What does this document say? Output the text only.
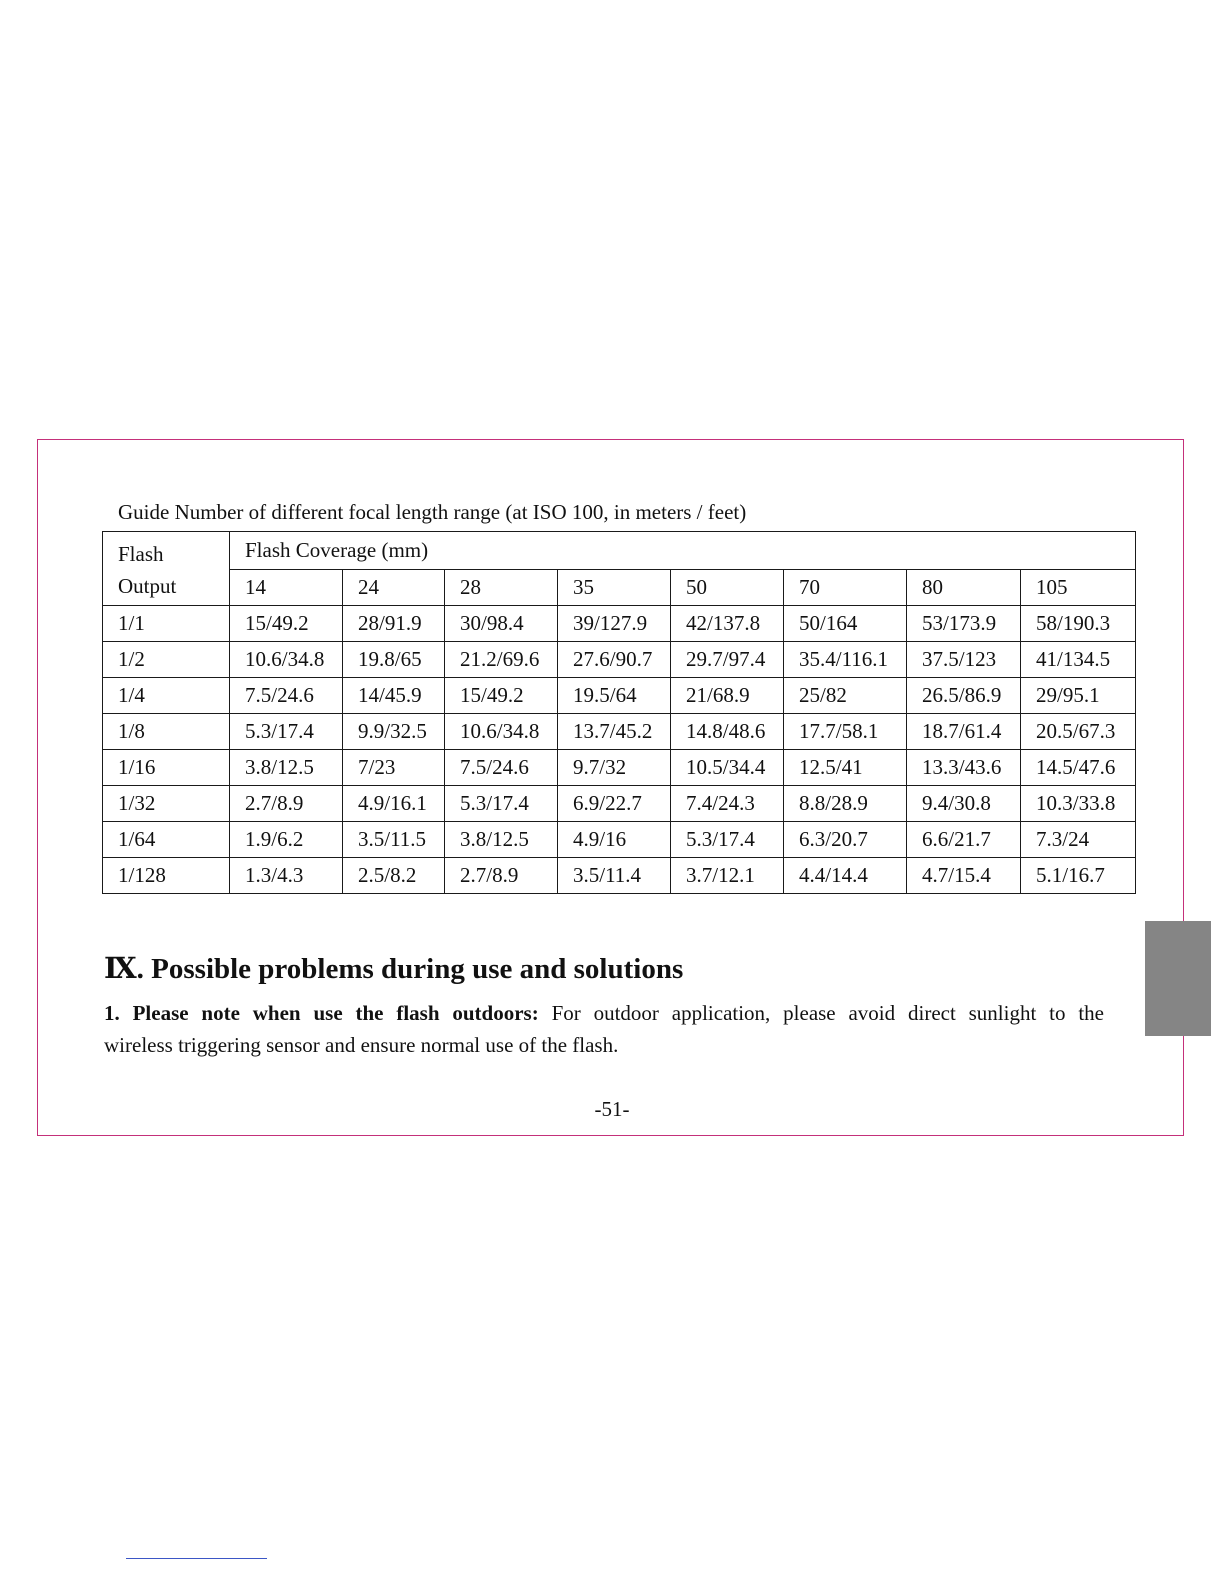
Guide Number of different focal length range (at ISO 100, in meters / feet)
Flash
Output	Flash Coverage (mm)							
	14	24	28	35	50	70	80	105
1/1	15/49.2	28/91.9	30/98.4	39/127.9	42/137.8	50/164	53/173.9	58/190.3
1/2	10.6/34.8	19.8/65	21.2/69.6	27.6/90.7	29.7/97.4	35.4/116.1	37.5/123	41/134.5
1/4	7.5/24.6	14/45.9	15/49.2	19.5/64	21/68.9	25/82	26.5/86.9	29/95.1
1/8	5.3/17.4	9.9/32.5	10.6/34.8	13.7/45.2	14.8/48.6	17.7/58.1	18.7/61.4	20.5/67.3
1/16	3.8/12.5	7/23	7.5/24.6	9.7/32	10.5/34.4	12.5/41	13.3/43.6	14.5/47.6
1/32	2.7/8.9	4.9/16.1	5.3/17.4	6.9/22.7	7.4/24.3	8.8/28.9	9.4/30.8	10.3/33.8
1/64	1.9/6.2	3.5/11.5	3.8/12.5	4.9/16	5.3/17.4	6.3/20.7	6.6/21.7	7.3/24
1/128	1.3/4.3	2.5/8.2	2.7/8.9	3.5/11.4	3.7/12.1	4.4/14.4	4.7/15.4	5.1/16.7
Ⅸ. Possible problems during use and solutions
1. Please note when use the flash outdoors: For outdoor application, please avoid direct sunlight to the
wireless triggering sensor and ensure normal use of the flash.
-51-
